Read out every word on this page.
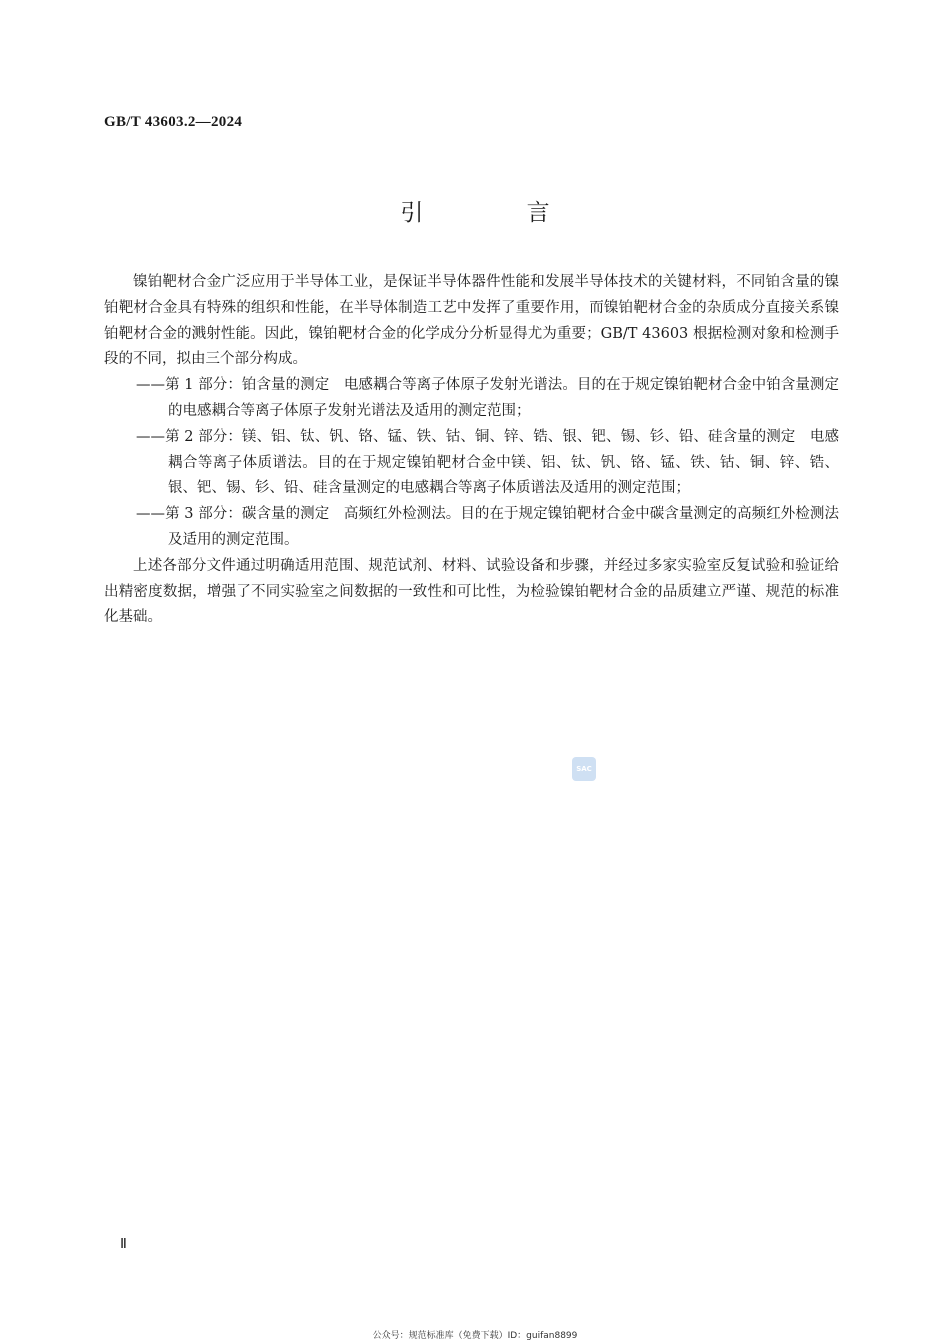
GB/T 43603.2—2024
引 言

镍铂靶材合金广泛应用于半导体工业，是保证半导体器件性能和发展半导体技术的关键材料，不同铂含量的镍铂靶材合金具有特殊的组织和性能，在半导体制造工艺中发挥了重要作用，而镍铂靶材合金的杂质成分直接关系镍铂靶材合金的溅射性能。因此，镍铂靶材合金的化学成分分析显得尤为重要；GB/T 43603 根据检测对象和检测手段的不同，拟由三个部分构成。

——第 1 部分：铂含量的测定　电感耦合等离子体原子发射光谱法。目的在于规定镍铂靶材合金中铂含量测定的电感耦合等离子体原子发射光谱法及适用的测定范围；

——第 2 部分：镁、铝、钛、钒、铬、锰、铁、钴、铜、锌、锆、银、钯、锡、钐、铅、硅含量的测定　电感耦合等离子体质谱法。目的在于规定镍铂靶材合金中镁、铝、钛、钒、铬、锰、铁、钴、铜、锌、锆、银、钯、锡、钐、铅、硅含量测定的电感耦合等离子体质谱法及适用的测定范围；

——第 3 部分：碳含量的测定　高频红外检测法。目的在于规定镍铂靶材合金中碳含量测定的高频红外检测法及适用的测定范围。

上述各部分文件通过明确适用范围、规范试剂、材料、试验设备和步骤，并经过多家实验室反复试验和验证给出精密度数据，增强了不同实验室之间数据的一致性和可比性，为检验镍铂靶材合金的品质建立严谨、规范的标准化基础。

SAC
Ⅱ
公众号：规范标准库（免费下载）ID：guifan8899
